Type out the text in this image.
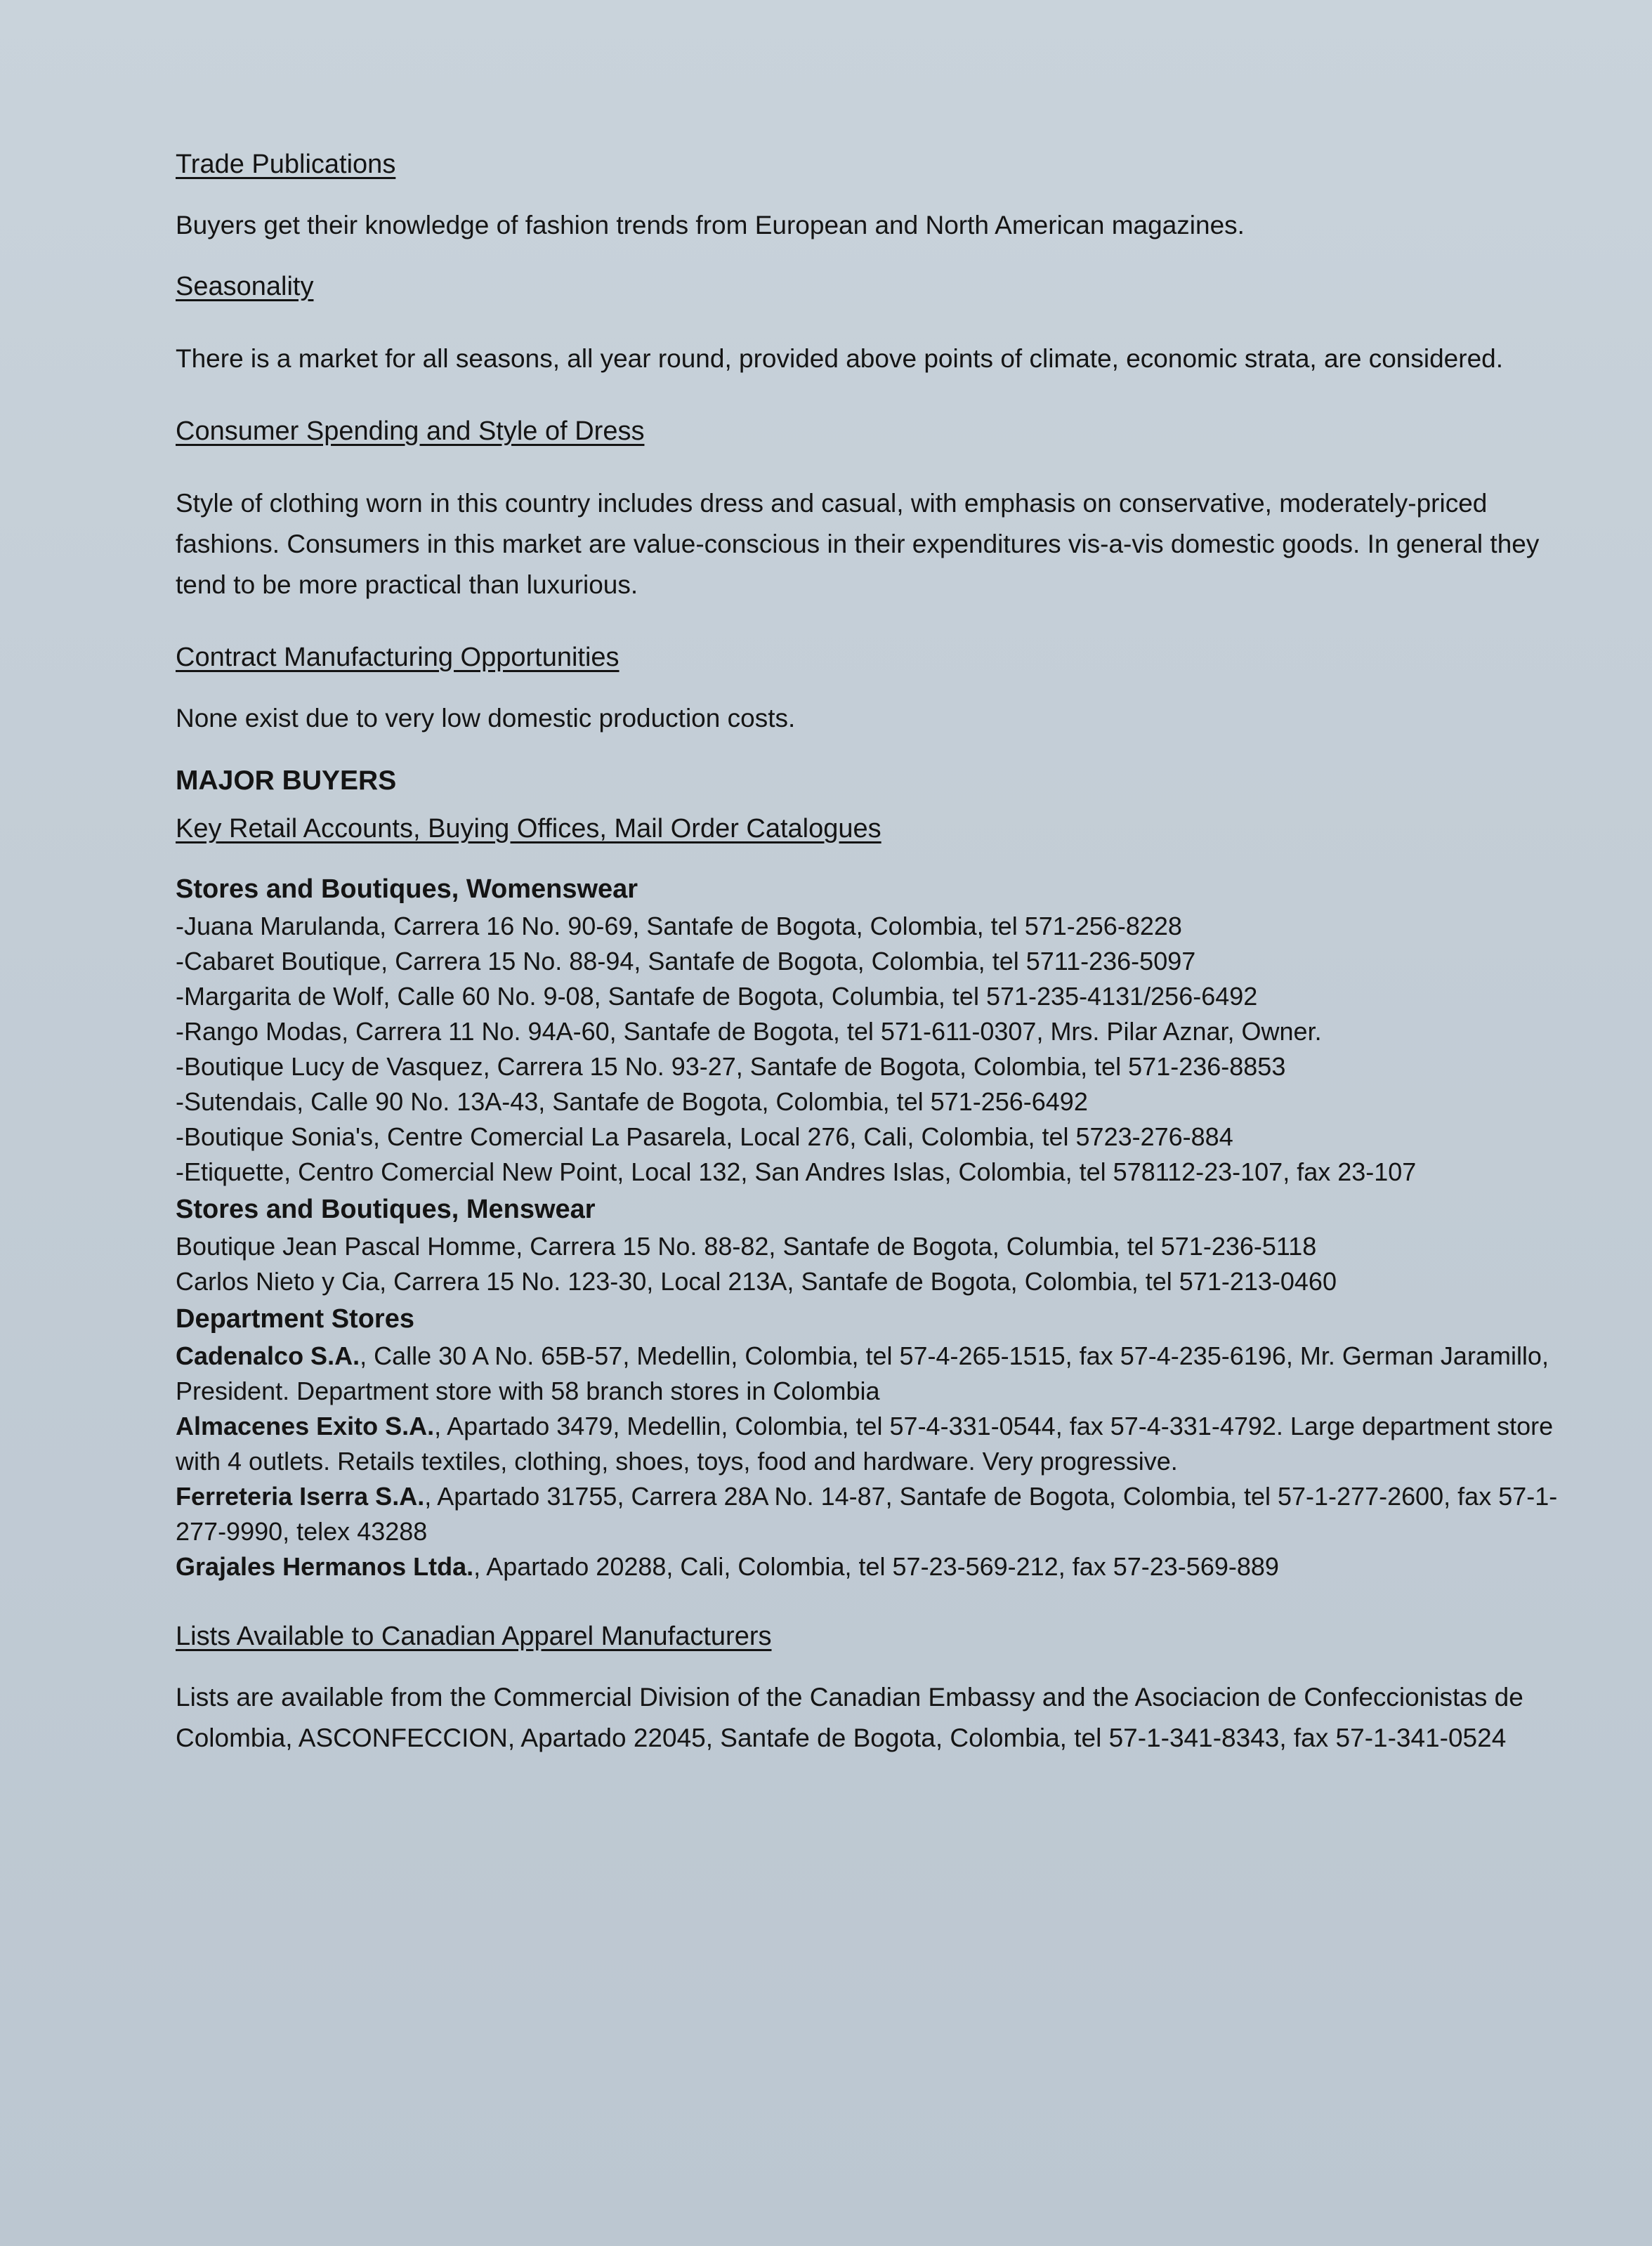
Trade Publications

Buyers get their knowledge of fashion trends from European and North American magazines.

Seasonality

There is a market for all seasons, all year round, provided above points of climate, economic strata, are considered.

Consumer Spending and Style of Dress

Style of clothing worn in this country includes dress and casual, with emphasis on conservative, moderately-priced fashions. Consumers in this market are value-conscious in their expenditures vis-a-vis domestic goods. In general they tend to be more practical than luxurious.

Contract Manufacturing Opportunities

None exist due to very low domestic production costs.

MAJOR BUYERS

Key Retail Accounts, Buying Offices, Mail Order Catalogues

Stores and Boutiques, Womenswear

-Juana Marulanda, Carrera 16 No. 90-69, Santafe de Bogota, Colombia, tel 571-256-8228

-Cabaret Boutique, Carrera 15 No. 88-94, Santafe de Bogota, Colombia, tel 5711-236-5097

-Margarita de Wolf, Calle 60 No. 9-08, Santafe de Bogota, Columbia, tel 571-235-4131/256-6492

-Rango Modas, Carrera 11 No. 94A-60, Santafe de Bogota, tel 571-611-0307, Mrs. Pilar Aznar, Owner.

-Boutique Lucy de Vasquez, Carrera 15 No. 93-27, Santafe de Bogota, Colombia, tel 571-236-8853

-Sutendais, Calle 90 No. 13A-43, Santafe de Bogota, Colombia, tel 571-256-6492

-Boutique Sonia's, Centre Comercial La Pasarela, Local 276, Cali, Colombia, tel 5723-276-884

-Etiquette, Centro Comercial New Point, Local 132, San Andres Islas, Colombia, tel 578112-23-107, fax 23-107

Stores and Boutiques, Menswear

Boutique Jean Pascal Homme, Carrera 15 No. 88-82, Santafe de Bogota, Columbia, tel 571-236-5118

Carlos Nieto y Cia, Carrera 15 No. 123-30, Local 213A, Santafe de Bogota, Colombia, tel 571-213-0460

Department Stores

Cadenalco S.A., Calle 30 A No. 65B-57, Medellin, Colombia, tel 57-4-265-1515, fax 57-4-235-6196, Mr. German Jaramillo, President. Department store with 58 branch stores in Colombia

Almacenes Exito S.A., Apartado 3479, Medellin, Colombia, tel 57-4-331-0544, fax 57-4-331-4792. Large department store with 4 outlets. Retails textiles, clothing, shoes, toys, food and hardware. Very progressive.

Ferreteria Iserra S.A., Apartado 31755, Carrera 28A No. 14-87, Santafe de Bogota, Colombia, tel 57-1-277-2600, fax 57-1-277-9990, telex 43288

Grajales Hermanos Ltda., Apartado 20288, Cali, Colombia, tel 57-23-569-212, fax 57-23-569-889

Lists Available to Canadian Apparel Manufacturers

Lists are available from the Commercial Division of the Canadian Embassy and the Asociacion de Confeccionistas de Colombia, ASCONFECCION, Apartado 22045, Santafe de Bogota, Colombia, tel 57-1-341-8343, fax 57-1-341-0524
